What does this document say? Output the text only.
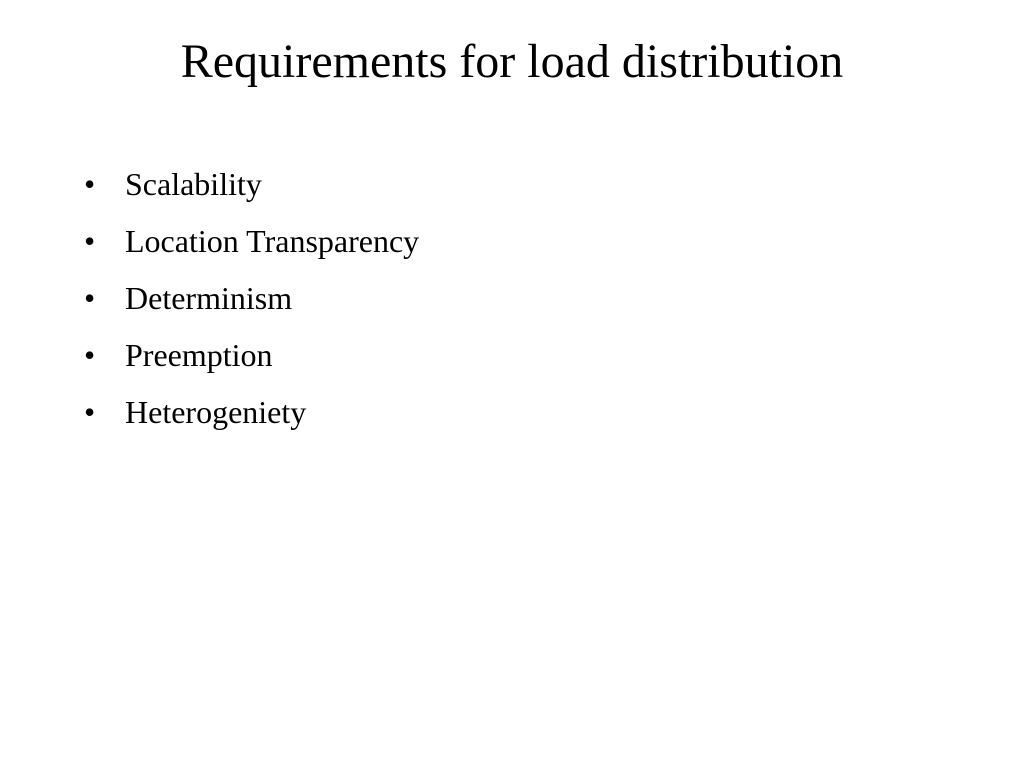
Requirements for load distribution
• Scalability
• Location Transparency
• Determinism
• Preemption
• Heterogeniety
